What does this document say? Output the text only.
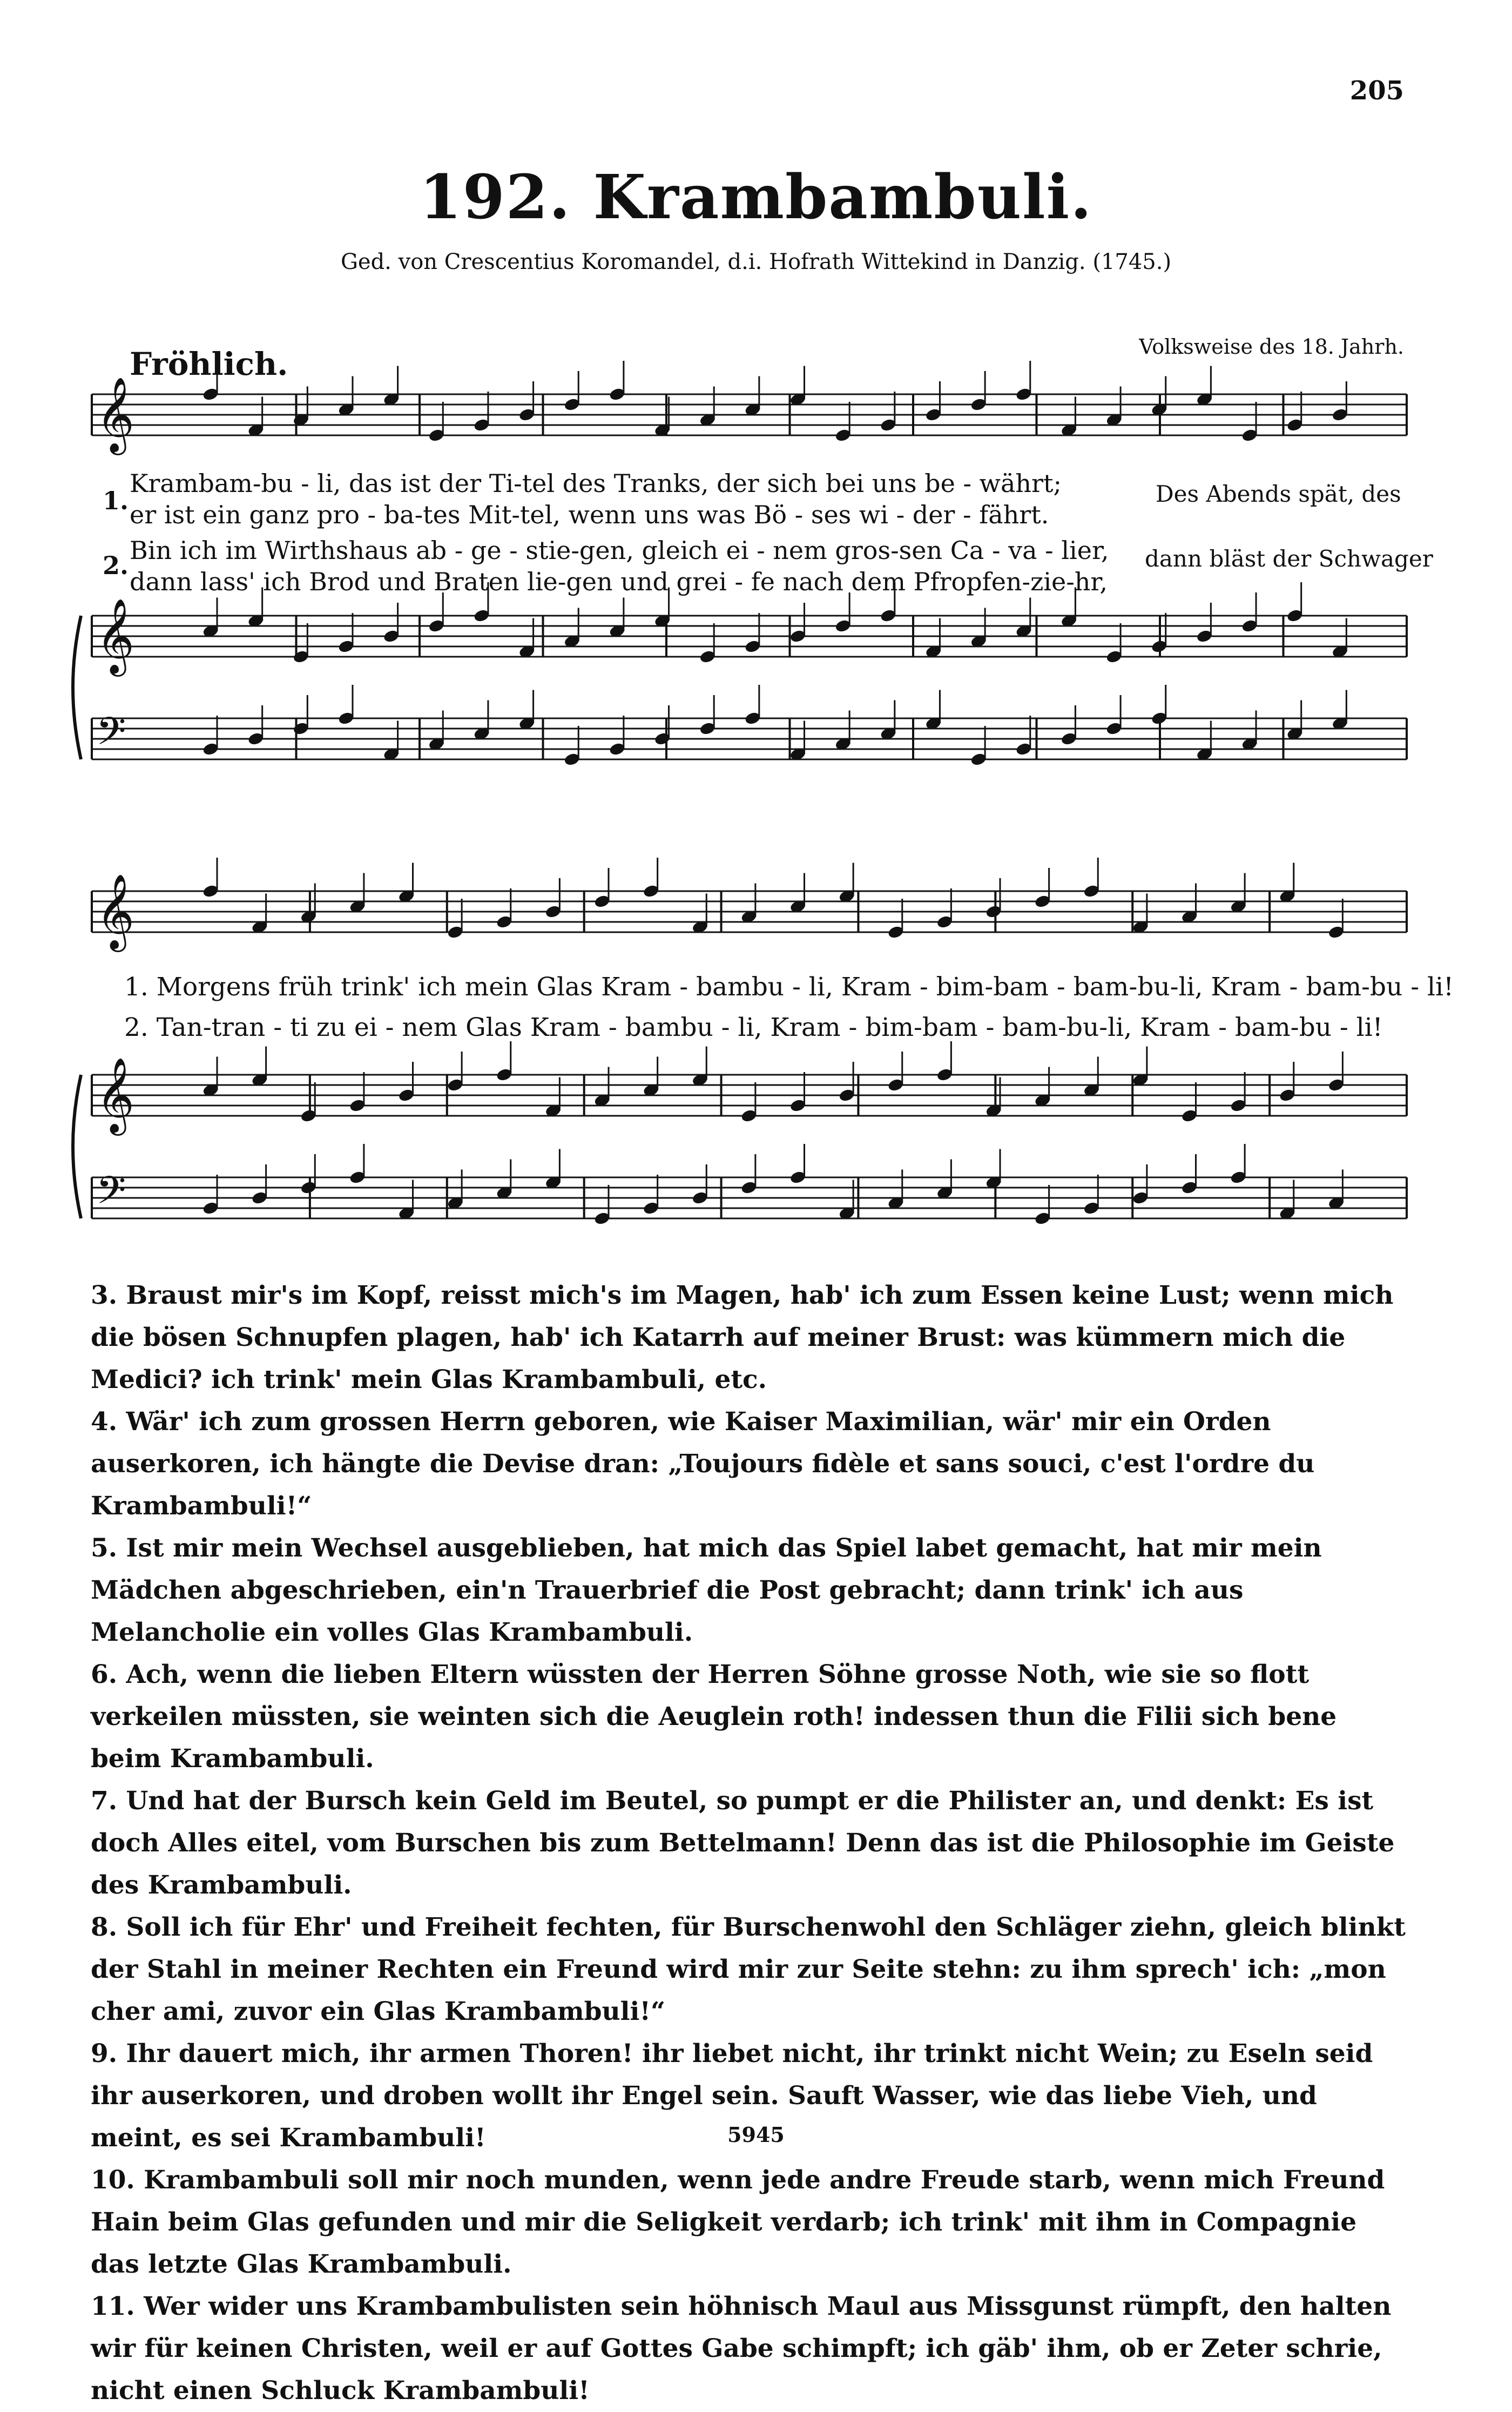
205
192. Krambambuli.
Ged. von Crescentius Koromandel, d.i. Hofrath Wittekind in Danzig. (1745.)
Fröhlich.	Volksweise des 18. Jahrh.
𝄞
𝄞
𝄢
𝄞
𝄞
𝄢
1.
Krambam-bu - li, das ist der Ti-tel des Tranks, der sich bei uns be - währt;
er ist ein ganz pro - ba-tes Mit-tel, wenn uns was Bö - ses wi - der - fährt.
2.
Bin ich im Wirthshaus ab - ge - stie-gen, gleich ei - nem gros-sen Ca - va - lier,
dann lass' ich Brod und Braten lie-gen und grei - fe nach dem Pfropfen-zie-hr,
Des Abends spät, des
dann bläst der Schwager
1. Morgens früh trink' ich mein Glas Kram - bambu - li, Kram - bim-bam - bam-bu-li, Kram - bam-bu - li!
2. Tan-tran - ti zu ei - nem Glas Kram - bambu - li, Kram - bim-bam - bam-bu-li, Kram - bam-bu - li!

3. Braust mir's im Kopf, reisst mich's im Magen, hab' ich zum Essen keine Lust; wenn mich die bösen Schnupfen plagen, hab' ich Katarrh auf meiner Brust: was kümmern mich die Medici? ich trink' mein Glas Krambambuli, etc.

4. Wär' ich zum grossen Herrn geboren, wie Kaiser Maximilian, wär' mir ein Orden auserkoren, ich hängte die Devise dran: „Toujours fidèle et sans souci, c'est l'ordre du Krambambuli!“

5. Ist mir mein Wechsel ausgeblieben, hat mich das Spiel labet gemacht, hat mir mein Mädchen abgeschrieben, ein'n Trauerbrief die Post gebracht; dann trink' ich aus Melancholie ein volles Glas Krambambuli.

6. Ach, wenn die lieben Eltern wüssten der Herren Söhne grosse Noth, wie sie so flott verkeilen müssten, sie weinten sich die Aeuglein roth! indessen thun die Filii sich bene beim Krambambuli.

7. Und hat der Bursch kein Geld im Beutel, so pumpt er die Philister an, und denkt: Es ist doch Alles eitel, vom Burschen bis zum Bettelmann! Denn das ist die Philosophie im Geiste des Krambambuli.

8. Soll ich für Ehr' und Freiheit fechten, für Burschenwohl den Schläger ziehn, gleich blinkt der Stahl in meiner Rechten ein Freund wird mir zur Seite stehn: zu ihm sprech' ich: „mon cher ami, zuvor ein Glas Krambambuli!“

9. Ihr dauert mich, ihr armen Thoren! ihr liebet nicht, ihr trinkt nicht Wein; zu Eseln seid ihr auserkoren, und droben wollt ihr Engel sein. Sauft Wasser, wie das liebe Vieh, und meint, es sei Krambambuli!

10. Krambambuli soll mir noch munden, wenn jede andre Freude starb, wenn mich Freund Hain beim Glas gefunden und mir die Seligkeit verdarb; ich trink' mit ihm in Compagnie das letzte Glas Krambambuli.

11. Wer wider uns Krambambulisten sein höhnisch Maul aus Missgunst rümpft, den halten wir für keinen Christen, weil er auf Gottes Gabe schimpft; ich gäb' ihm, ob er Zeter schrie, nicht einen Schluck Krambambuli!

5945
